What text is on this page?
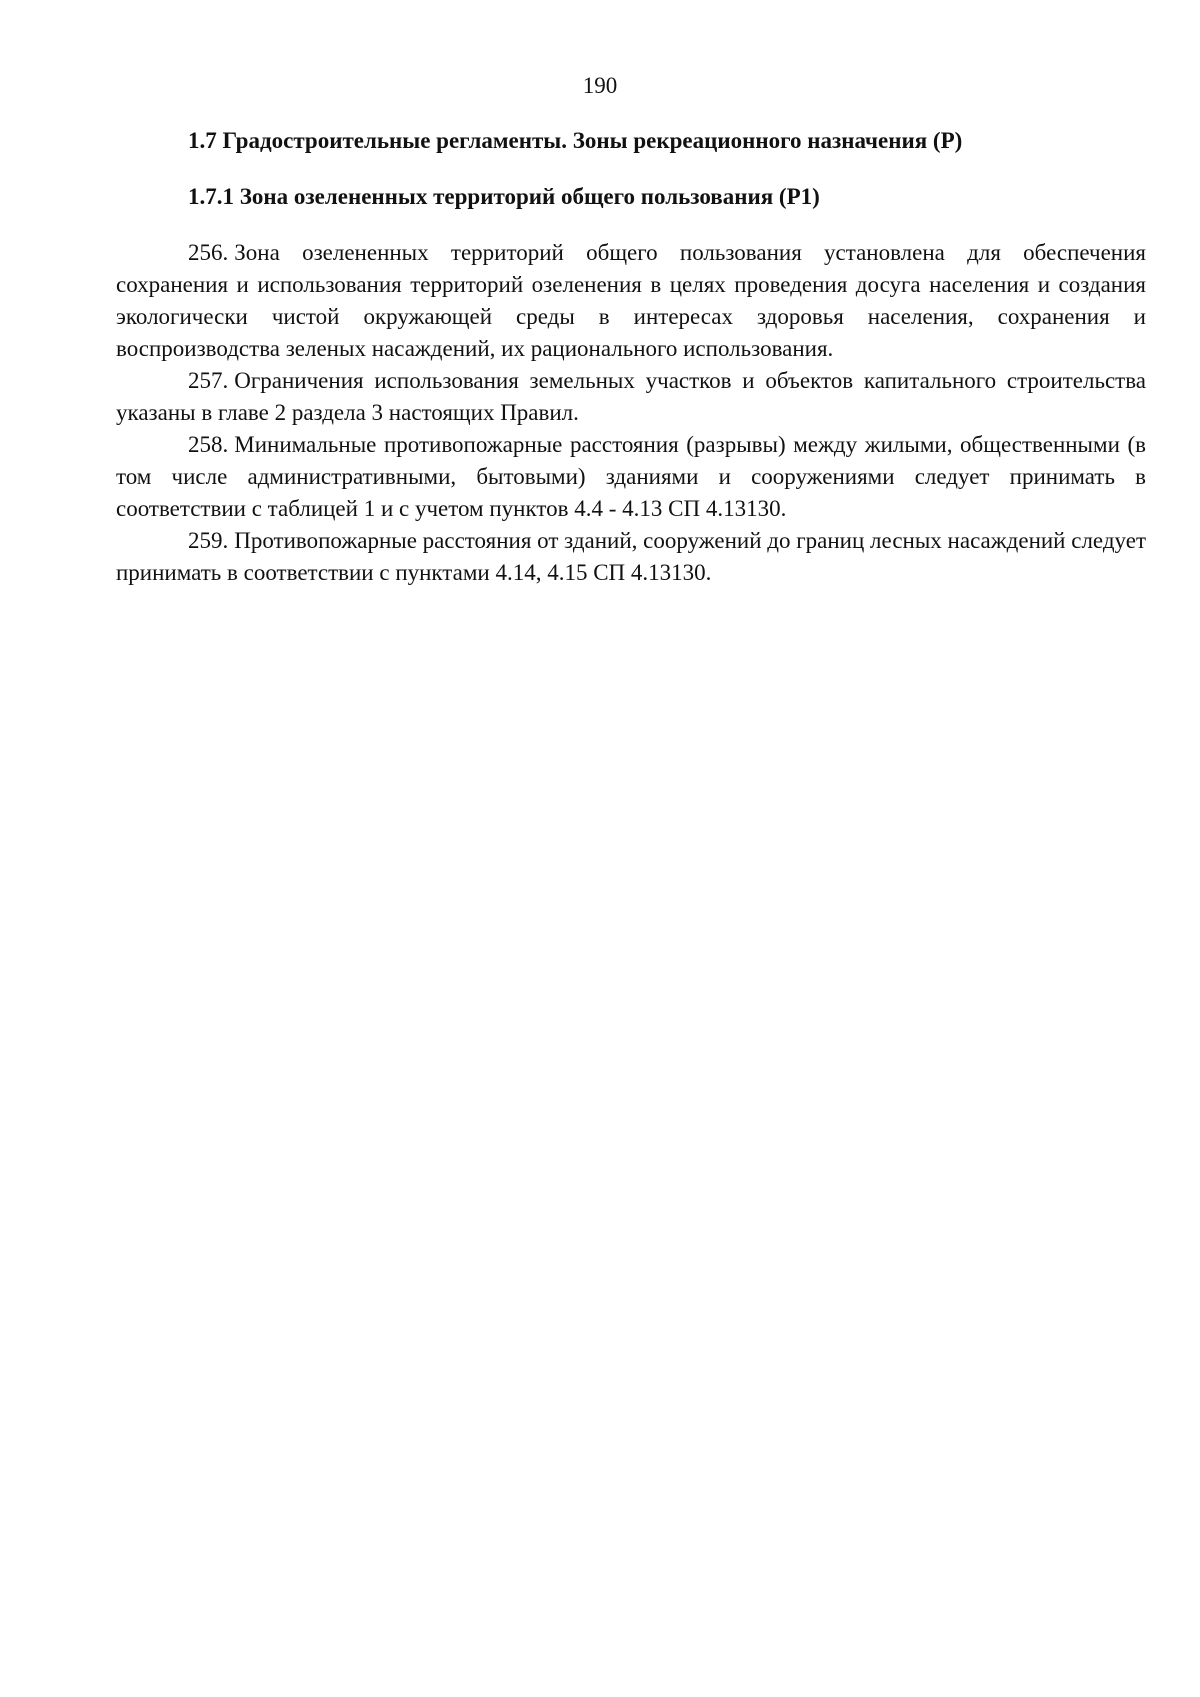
190
1.7 Градостроительные регламенты. Зоны рекреационного назначения (Р)
1.7.1 Зона озелененных территорий общего пользования (Р1)

256. Зона озелененных территорий общего пользования установлена для обеспечения сохранения и использования территорий озеленения в целях проведения досуга населения и создания экологически чистой окружающей среды в интересах здоровья населения, сохранения и воспроизводства зеленых насаждений, их рационального использования.

257. Ограничения использования земельных участков и объектов капитального строительства указаны в главе 2 раздела 3 настоящих Правил.

258. Минимальные противопожарные расстояния (разрывы) между жилыми, общественными (в том числе административными, бытовыми) зданиями и сооружениями следует принимать в соответствии с таблицей 1 и с учетом пунктов 4.4 - 4.13 СП 4.13130.

259. Противопожарные расстояния от зданий, сооружений до границ лесных насаждений следует принимать в соответствии с пунктами 4.14, 4.15 СП 4.13130.
